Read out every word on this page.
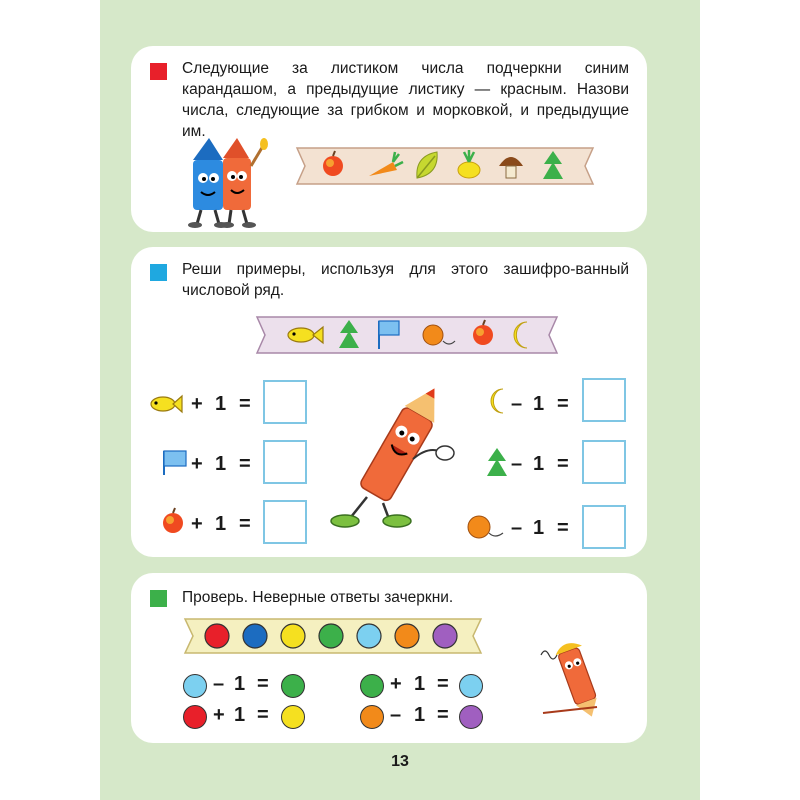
Следующие за листиком числа подчеркни синим карандашом, а предыдущие листику — красным. Назови числа, следующие за грибком и морковкой, и предыдущие им.
Реши примеры, используя для этого зашифро-ванный числовой ряд.
+ 1 =
+ 1 =
+ 1 =
– 1 =
– 1 =
– 1 =
Проверь. Неверные ответы зачеркни.
– 1 =	+ 1 =
+ 1 =	– 1 =
13
